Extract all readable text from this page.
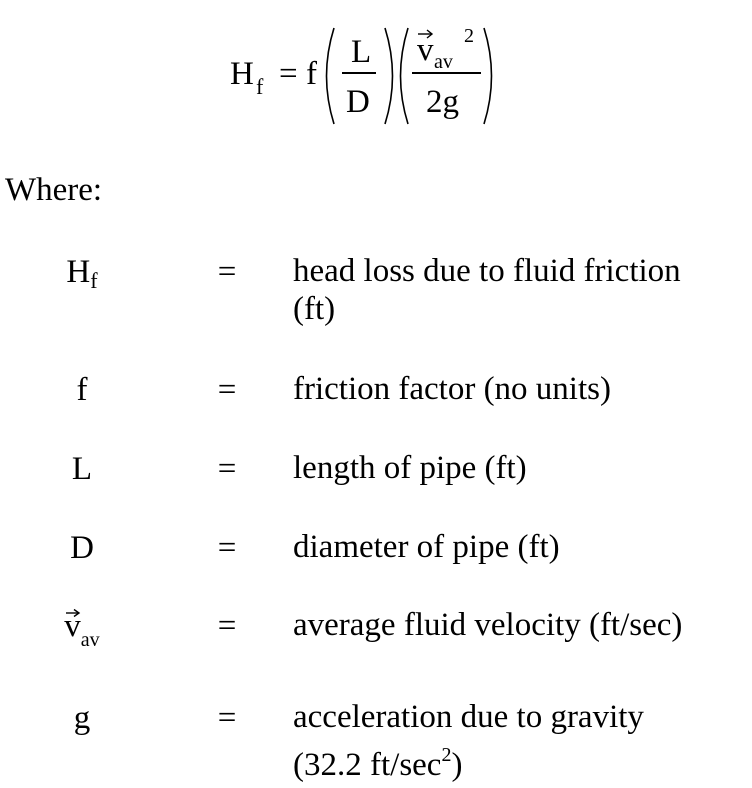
H f = f
L
D
v av
2
2g
Where:
$H_f$	= head loss due to fluid friction
(ft)
f	= friction factor (no units)
L	= length of pipe (ft)
D	= diameter of pipe (ft)
$v_{av}$	= average fluid velocity (ft/sec)
g	= acceleration due to gravity
(32.2 $ft/\sec^2$)
